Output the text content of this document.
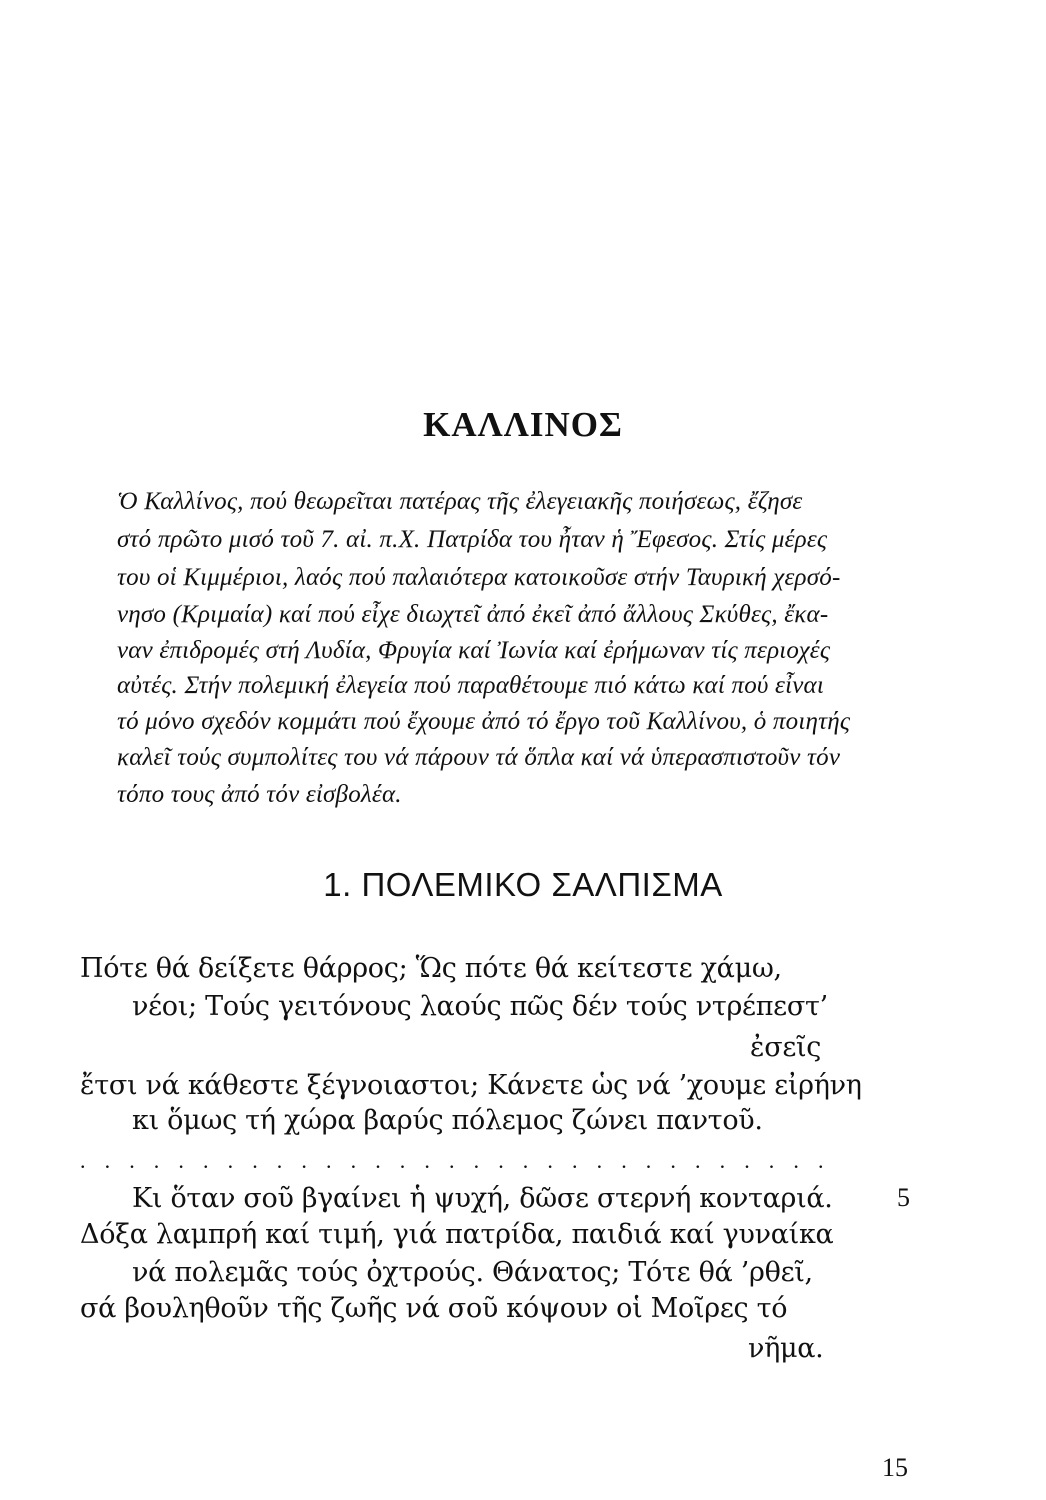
ΚΑΛΛΙΝΟΣ
Ὁ Καλλίνος, πού θεωρεῖται πατέρας τῆς ἐλεγειακῆς ποιήσεως, ἔζησε
στό πρῶτο μισό τοῦ 7. αἰ. π.Χ. Πατρίδα του ἦταν ἡ Ἔφεσος. Στίς μέρες
του οἱ Κιμμέριοι, λαός πού παλαιότερα κατοικοῦσε στήν Ταυρική χερσό-
νησο (Κριμαία) καί πού εἶχε διωχτεῖ ἀπό ἐκεῖ ἀπό ἄλλους Σκύθες, ἔκα-
ναν ἐπιδρομές στή Λυδία, Φρυγία καί Ἰωνία καί ἐρήμωναν τίς περιοχές
αὐτές. Στήν πολεμική ἐλεγεία πού παραθέτουμε πιό κάτω καί πού εἶναι
τό μόνο σχεδόν κομμάτι πού ἔχουμε ἀπό τό ἔργο τοῦ Καλλίνου, ὁ ποιητής
καλεῖ τούς συμπολίτες του νά πάρουν τά ὅπλα καί νά ὑπερασπιστοῦν τόν
τόπο τους ἀπό τόν εἰσβολέα.
1. ΠΟΛΕΜΙΚΟ ΣΑΛΠΙΣΜΑ
Πότε θά δείξετε θάρρος; Ὥς πότε θά κείτεστε χάμω,
νέοι; Τούς γειτόνους λαούς πῶς δέν τούς ντρέπεστ’
ἐσεῖς
ἔτσι νά κάθεστε ξέγνοιαστοι; Κάνετε ὡς νά ’χουμε εἰρήνη
κι ὅμως τή χώρα βαρύς πόλεμος ζώνει παντοῦ.
. . . . . . . . . . . . . . . . . . . . . . . . . . . . . . .
Κι ὅταν σοῦ βγαίνει ἡ ψυχή, δῶσε στερνή κονταριά. 5
Δόξα λαμπρή καί τιμή, γιά πατρίδα, παιδιά καί γυναίκα
νά πολεμᾶς τούς ὀχτρούς. Θάνατος; Τότε θά ’ρθεῖ,
σά βουληθοῦν τῆς ζωῆς νά σοῦ κόψουν οἱ Μοῖρες τό
νῆμα.
15
